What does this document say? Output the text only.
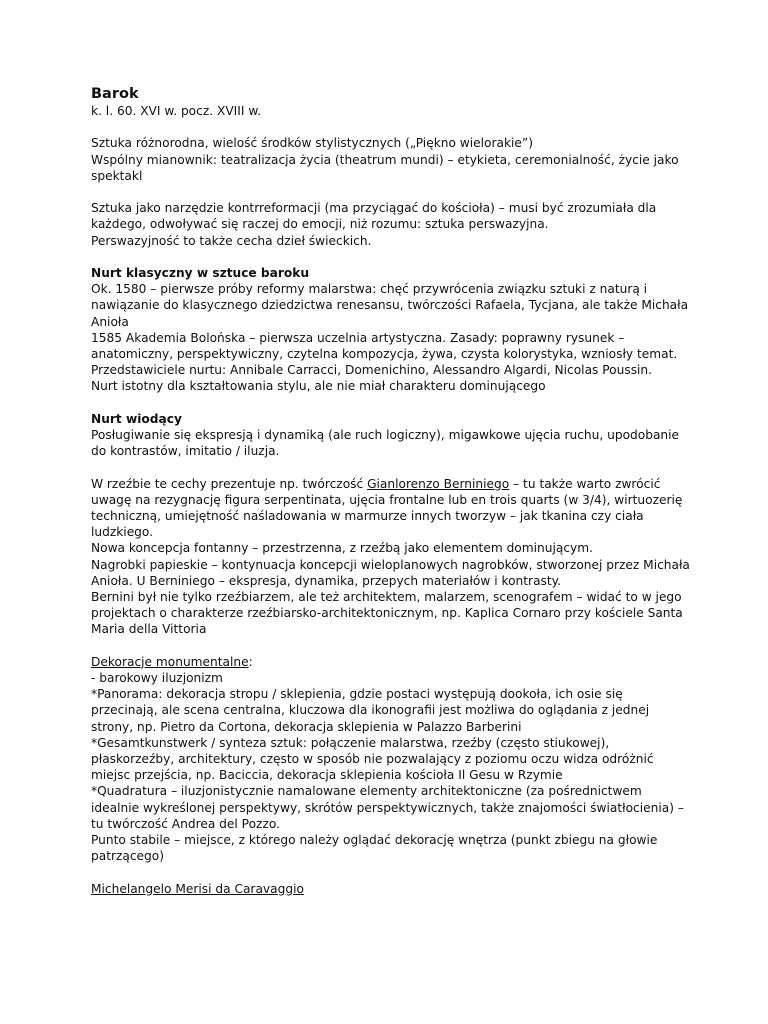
Barok

k. l. 60. XVI w. pocz. XVIII w.

Sztuka różnorodna, wielość środków stylistycznych („Piękno wielorakie”)

Wspólny mianownik: teatralizacja życia (theatrum mundi) – etykieta, ceremonialność, życie jako spektakl

Sztuka jako narzędzie kontrreformacji (ma przyciągać do kościoła) – musi być zrozumiała dla każdego, odwoływać się raczej do emocji, niż rozumu: sztuka perswazyjna.

Perswazyjność to także cecha dzieł świeckich.

Nurt klasyczny w sztuce baroku

Ok. 1580 – pierwsze próby reformy malarstwa: chęć przywrócenia związku sztuki z naturą i nawiązanie do klasycznego dziedzictwa renesansu, twórczości Rafaela, Tycjana, ale także Michała Anioła

1585 Akademia Bolońska – pierwsza uczelnia artystyczna. Zasady: poprawny rysunek – anatomiczny, perspektywiczny, czytelna kompozycja, żywa, czysta kolorystyka, wzniosły temat.

Przedstawiciele nurtu: Annibale Carracci, Domenichino, Alessandro Algardi, Nicolas Poussin.

Nurt istotny dla kształtowania stylu, ale nie miał charakteru dominującego

Nurt wiodący

Posługiwanie się ekspresją i dynamiką (ale ruch logiczny), migawkowe ujęcia ruchu, upodobanie do kontrastów, imitatio / iluzja.

W rzeźbie te cechy prezentuje np. twórczość Gianlorenzo Berniniego – tu także warto zwrócić uwagę na rezygnację figura serpentinata, ujęcia frontalne lub en trois quarts (w 3/4), wirtuozerię techniczną, umiejętność naśladowania w marmurze innych tworzyw – jak tkanina czy ciała ludzkiego.

Nowa koncepcja fontanny – przestrzenna, z rzeźbą jako elementem dominującym.

Nagrobki papieskie – kontynuacja koncepcji wieloplanowych nagrobków, stworzonej przez Michała Anioła. U Berniniego – ekspresja, dynamika, przepych materiałów i kontrasty.

Bernini był nie tylko rzeźbiarzem, ale też architektem, malarzem, scenografem – widać to w jego projektach o charakterze rzeźbiarsko-architektonicznym, np. Kaplica Cornaro przy kościele Santa Maria della Vittoria

Dekoracje monumentalne:

- barokowy iluzjonizm

*Panorama: dekoracja stropu / sklepienia, gdzie postaci występują dookoła, ich osie się przecinają, ale scena centralna, kluczowa dla ikonografii jest możliwa do oglądania z jednej strony, np. Pietro da Cortona, dekoracja sklepienia w Palazzo Barberini

*Gesamtkunstwerk / synteza sztuk: połączenie malarstwa, rzeźby (często stiukowej), płaskorzeźby, architektury, często w sposób nie pozwalający z poziomu oczu widza odróżnić miejsc przejścia, np. Baciccia, dekoracja sklepienia kościoła Il Gesu w Rzymie

*Quadratura – iluzjonistycznie namalowane elementy architektoniczne (za pośrednictwem idealnie wykreślonej perspektywy, skrótów perspektywicznych, także znajomości światłocienia) – tu twórczość Andrea del Pozzo.

Punto stabile – miejsce, z którego należy oglądać dekorację wnętrza (punkt zbiegu na głowie patrzącego)

Michelangelo Merisi da Caravaggio
